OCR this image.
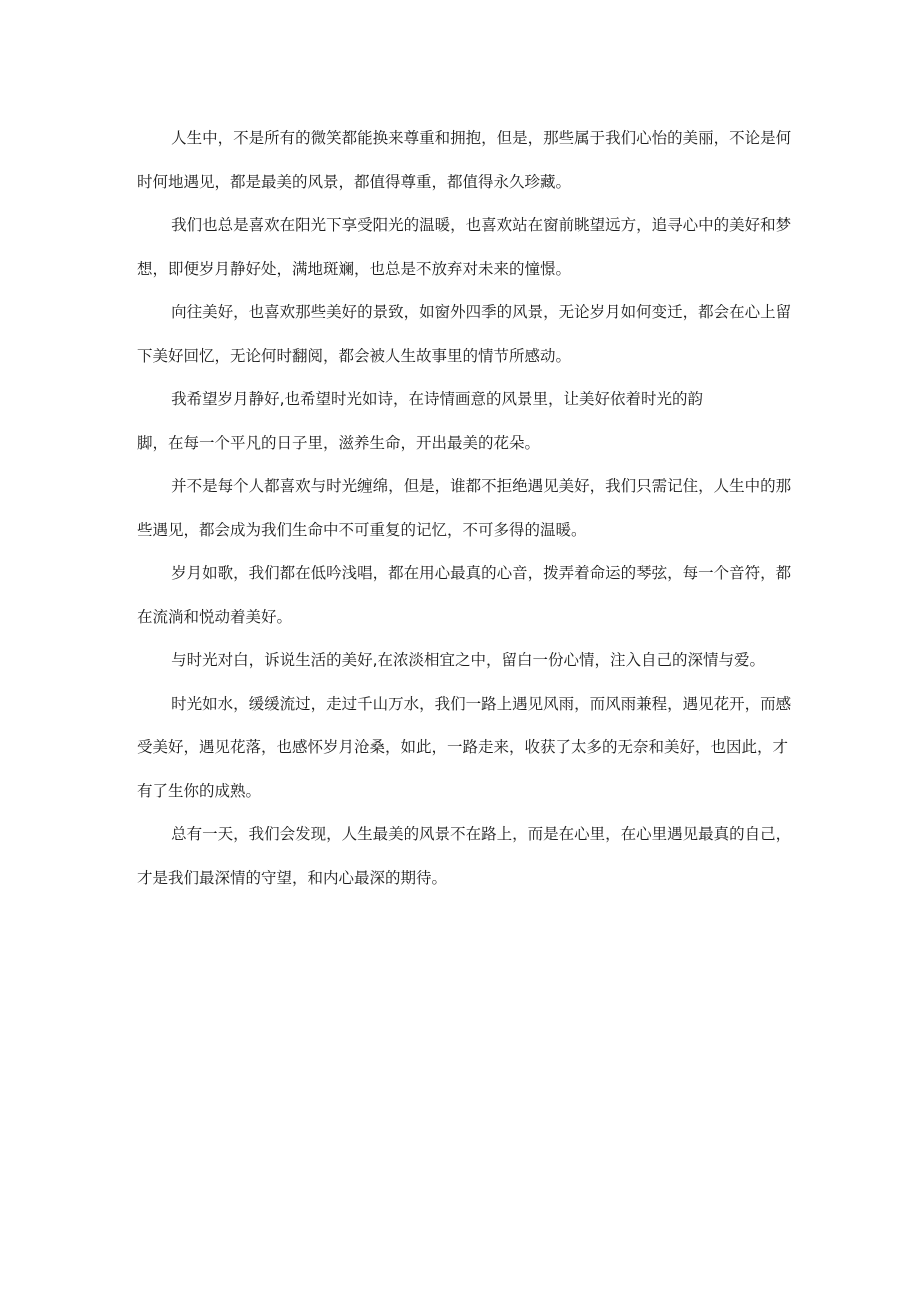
人生中，不是所有的微笑都能换来尊重和拥抱，但是，那些属于我们心怡的美丽，不论是何
时何地遇见，都是最美的风景，都值得尊重，都值得永久珍藏。
我们也总是喜欢在阳光下享受阳光的温暖，也喜欢站在窗前眺望远方，追寻心中的美好和梦
想，即便岁月静好处，满地斑斓，也总是不放弃对未来的憧憬。
向往美好，也喜欢那些美好的景致，如窗外四季的风景，无论岁月如何变迁，都会在心上留
下美好回忆，无论何时翻阅，都会被人生故事里的情节所感动。
我希望岁月静好,也希望时光如诗，在诗情画意的风景里，让美好依着时光的韵
脚，在每一个平凡的日子里，滋养生命，开出最美的花朵。
并不是每个人都喜欢与时光缠绵，但是，谁都不拒绝遇见美好，我们只需记住，人生中的那
些遇见，都会成为我们生命中不可重复的记忆，不可多得的温暖。
岁月如歌，我们都在低吟浅唱，都在用心最真的心音，拨弄着命运的琴弦，每一个音符，都
在流淌和悦动着美好。
与时光对白，诉说生活的美好,在浓淡相宜之中，留白一份心情，注入自己的深情与爱。
时光如水，缓缓流过，走过千山万水，我们一路上遇见风雨，而风雨兼程，遇见花开，而感
受美好，遇见花落，也感怀岁月沧桑，如此，一路走来，收获了太多的无奈和美好，也因此，才
有了生你的成熟。
总有一天，我们会发现，人生最美的风景不在路上，而是在心里，在心里遇见最真的自己，
才是我们最深情的守望，和内心最深的期待。
